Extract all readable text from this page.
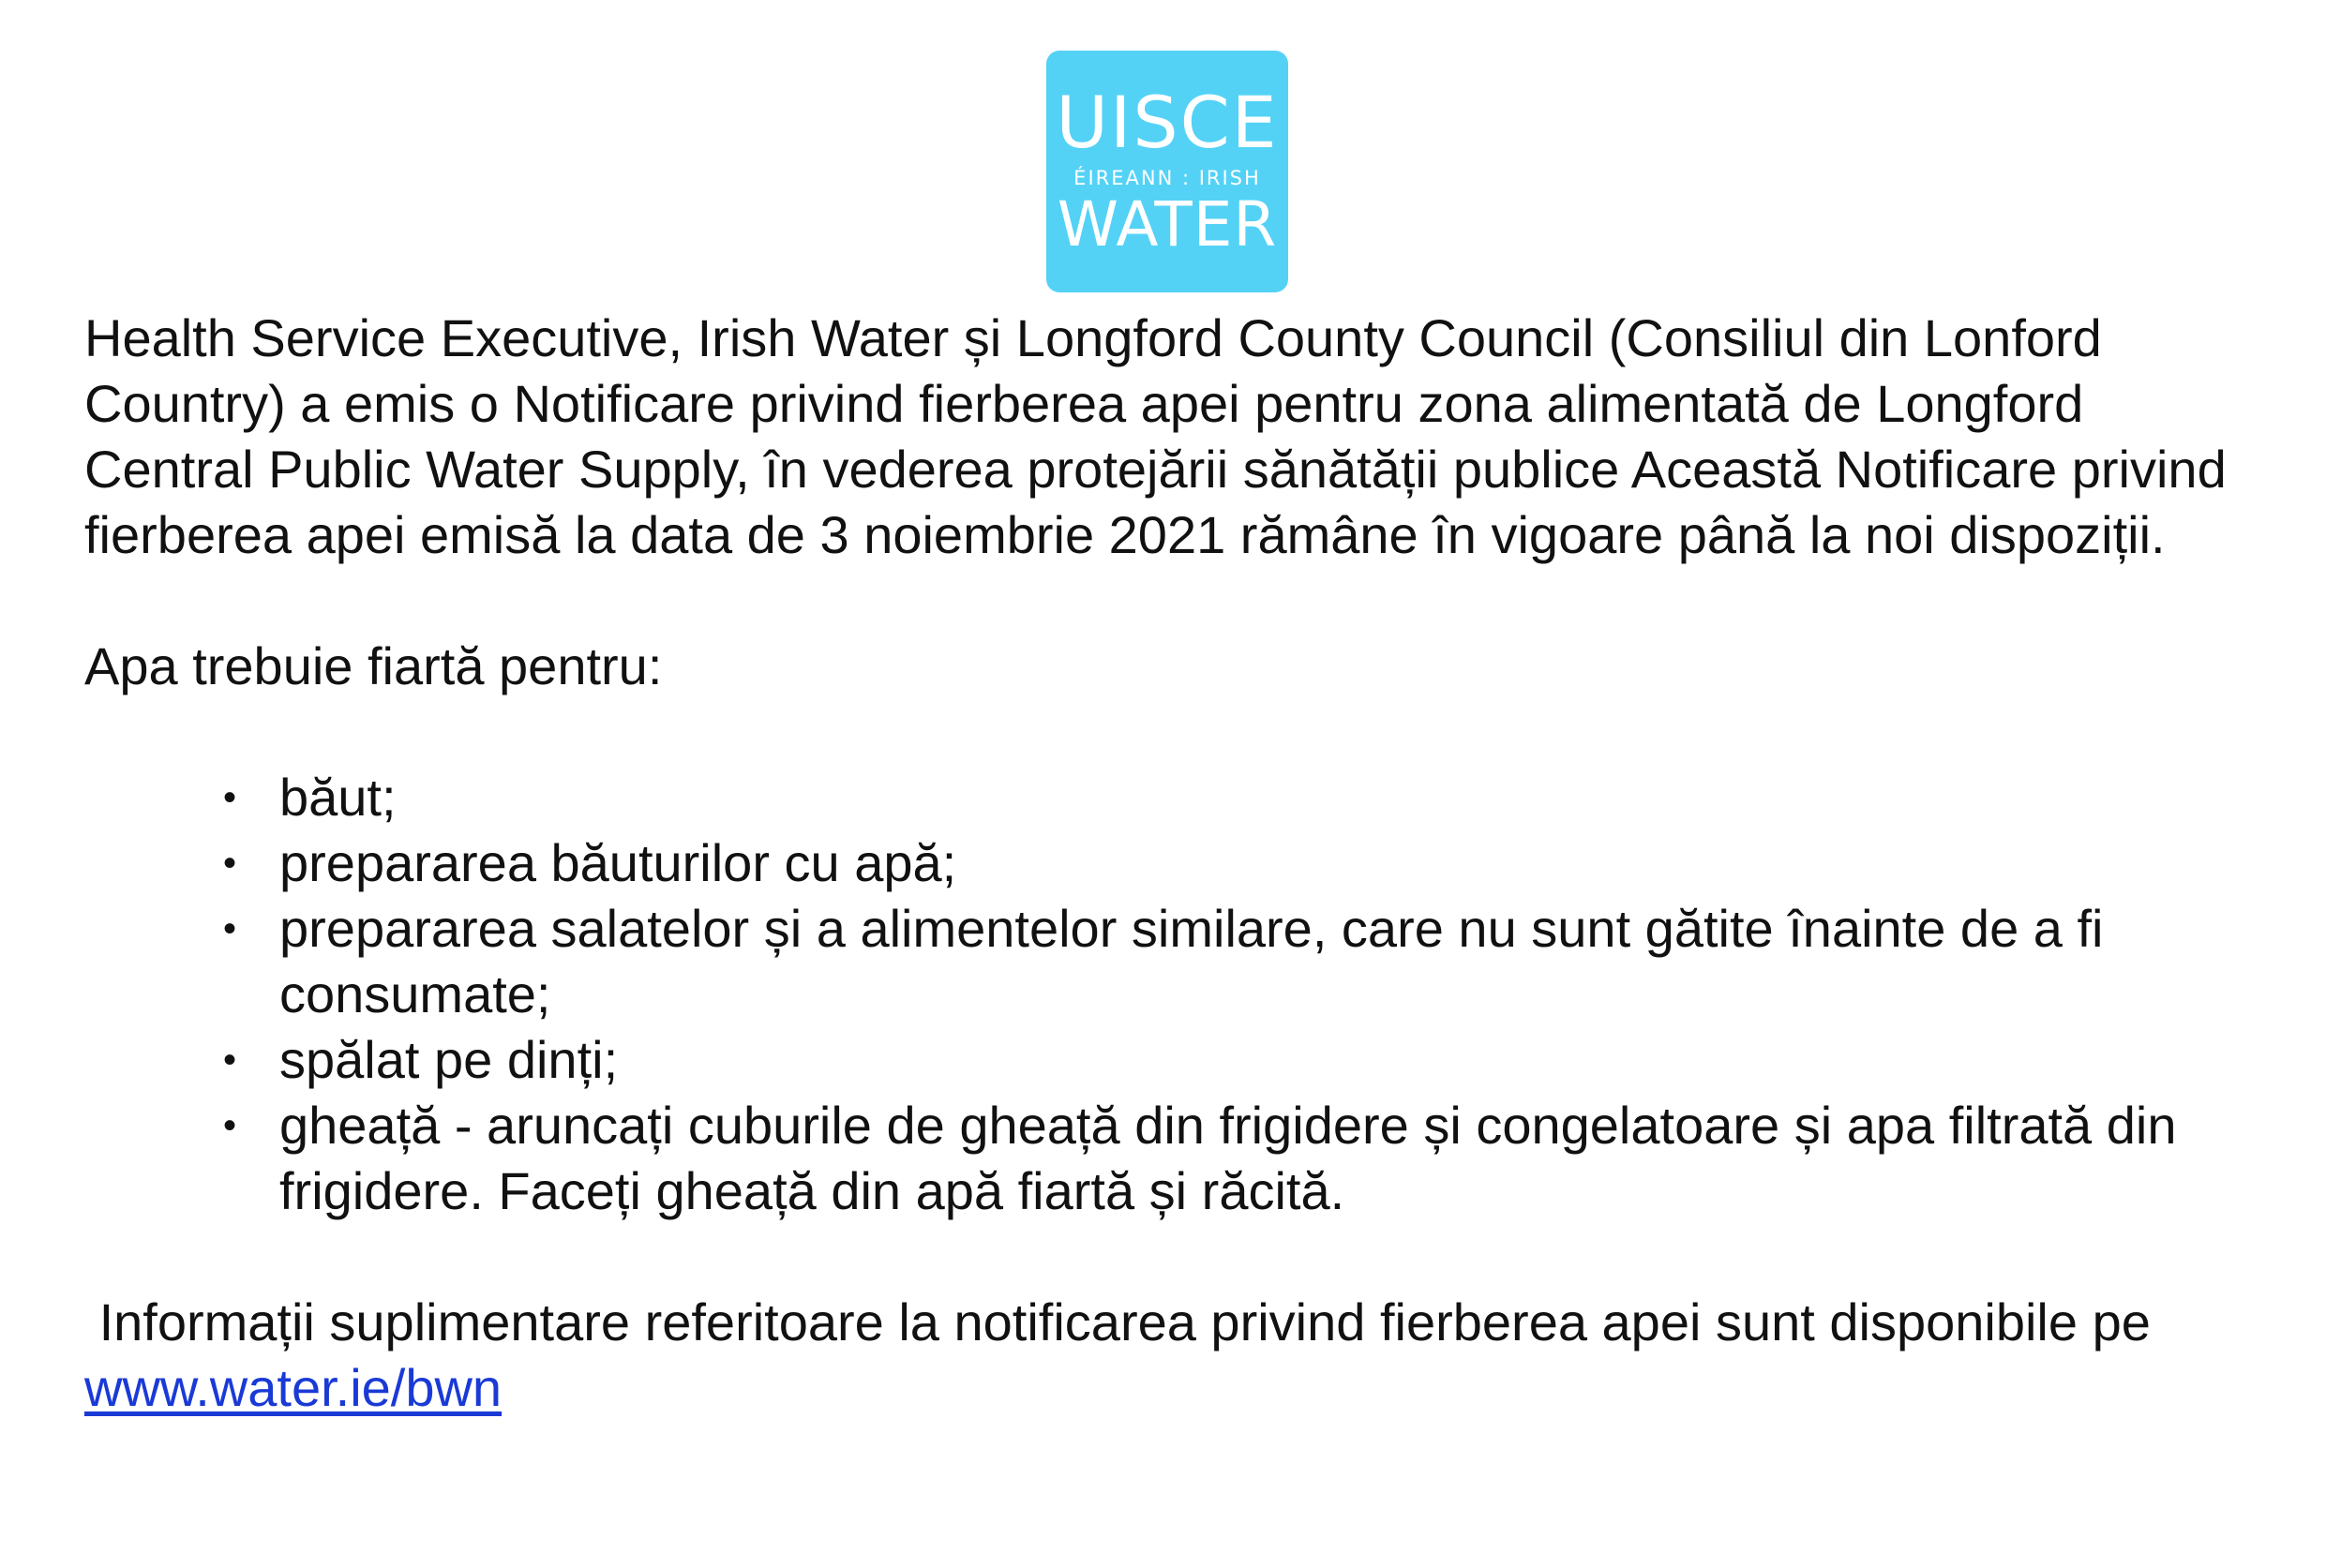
UISCE
ÉIREANN : IRISH
WATER

Health Service Executive, Irish Water și Longford County Council (Consiliul din Lonford Country) a emis o Notificare privind fierberea apei pentru zona alimentată de Longford Central Public Water Supply, în vederea protejării sănătății publice Această Notificare privind fierberea apei emisă la data de 3 noiembrie 2021 rămâne în vigoare până la noi dispoziții.

Apa trebuie fiartă pentru:

• băut;
• prepararea băuturilor cu apă;
• prepararea salatelor și a alimentelor similare, care nu sunt gătite înainte de a fi consumate;
• spălat pe dinți;
• gheață - aruncați cuburile de gheață din frigidere și congelatoare și apa filtrată din frigidere. Faceți gheață din apă fiartă și răcită.

Informații suplimentare referitoare la notificarea privind fierberea apei sunt disponibile pe www.water.ie/bwn
